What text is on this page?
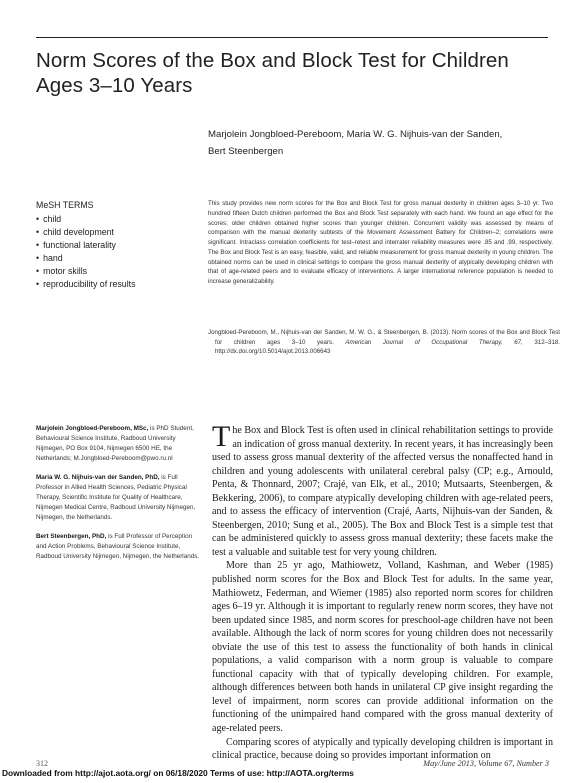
Norm Scores of the Box and Block Test for Children Ages 3–10 Years
Marjolein Jongbloed-Pereboom, Maria W. G. Nijhuis-van der Sanden,
Bert Steenbergen
MeSH TERMS
• child
• child development
• functional laterality
• hand
• motor skills
• reproducibility of results
This study provides new norm scores for the Box and Block Test for gross manual dexterity in children ages 3–10 yr. Two hundred fifteen Dutch children performed the Box and Block Test separately with each hand. We found an age effect for the scores; older children obtained higher scores than younger children. Concurrent validity was assessed by means of comparison with the manual dexterity subtests of the Movement Assessment Battery for Children–2; correlations were significant. Intraclass correlation coefficients for test–retest and interrater reliability measures were .85 and .99, respectively. The Box and Block Test is an easy, feasible, valid, and reliable measurement for gross manual dexterity in young children. The obtained norms can be used in clinical settings to compare the gross manual dexterity of atypically developing children with that of age-related peers and to evaluate efficacy of interventions. A larger international reference population is needed to increase generalizability.
Jongbloed-Pereboom, M., Nijhuis-van der Sanden, M. W. G., & Steenbergen, B. (2013). Norm scores of the Box and Block Test for children ages 3–10 years. American Journal of Occupational Therapy, 67, 312–318. http://dx.doi.org/10.5014/ajot.2013.006643
Marjolein Jongbloed-Pereboom, MSc, is PhD Student, Behavioural Science Institute, Radboud University Nijmegen, PO Box 9104, Nijmegen 6500 HE, the Netherlands; M.Jongbloed-Pereboom@pwo.ru.nl
Maria W. G. Nijhuis-van der Sanden, PhD, is Full Professor in Allied Health Sciences, Pediatric Physical Therapy, Scientific Institute for Quality of Healthcare, Nijmegen Medical Centre, Radboud University Nijmegen, Nijmegen, the Netherlands.
Bert Steenbergen, PhD, is Full Professor of Perception and Action Problems, Behavioural Science Institute, Radboud University Nijmegen, Nijmegen, the Netherlands.

The Box and Block Test is often used in clinical rehabilitation settings to provide an indication of gross manual dexterity. In recent years, it has increasingly been used to assess gross manual dexterity of the affected versus the nonaffected hand in children and young adolescents with unilateral cerebral palsy (CP; e.g., Arnould, Penta, & Thonnard, 2007; Crajé, van Elk, et al., 2010; Mutsaarts, Steenbergen, & Bekkering, 2006), to compare atypically developing children with age-related peers, and to assess the efficacy of intervention (Crajé, Aarts, Nijhuis-van der Sanden, & Steenbergen, 2010; Sung et al., 2005). The Box and Block Test is a simple test that can be administered quickly to assess gross manual dexterity; these facets make the test a valuable and suitable test for very young children.

More than 25 yr ago, Mathiowetz, Volland, Kashman, and Weber (1985) published norm scores for the Box and Block Test for adults. In the same year, Mathiowetz, Federman, and Wiemer (1985) also reported norm scores for children ages 6–19 yr. Although it is important to regularly renew norm scores, they have not been updated since 1985, and norm scores for preschool-age children have not been available. Although the lack of norm scores for young children does not necessarily obviate the use of this test to assess the functionality of both hands in clinical populations, a valid comparison with a norm group is valuable to compare functional capacity with that of typically developing children. For example, although differences between both hands in unilateral CP give insight regarding the level of impairment, norm scores can provide additional information on the functioning of the unimpaired hand compared with the gross manual dexterity of age-related peers.

Comparing scores of atypically and typically developing children is important in clinical practice, because doing so provides important information on

312	May/June 2013, Volume 67, Number 3
Downloaded from http://ajot.aota.org/ on 06/18/2020 Terms of use: http://AOTA.org/terms
